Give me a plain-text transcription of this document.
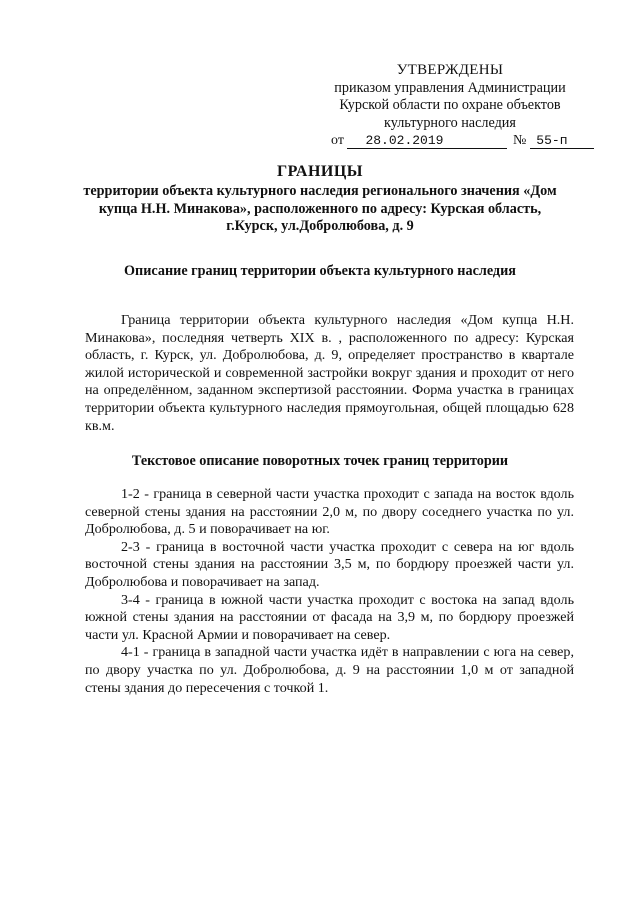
УТВЕРЖДЕНЫ
приказом управления Администрации
Курской области по охране объектов
культурного наследия
от 28.02.2019	№ 55-п
ГРАНИЦЫ
территории объекта культурного наследия регионального значения «Дом купца Н.Н. Минакова», расположенного по адресу: Курская область, г.Курск, ул.Добролюбова, д. 9
Описание границ территории объекта культурного наследия

Граница территории объекта культурного наследия «Дом купца Н.Н. Минакова», последняя четверть XIX в. , расположенного по адресу: Курская область, г. Курск, ул. Добролюбова, д. 9, определяет пространство в квартале жилой исторической и современной застройки вокруг здания и проходит от него на определённом, заданном экспертизой расстоянии. Форма участка в границах территории объекта культурного наследия прямоугольная, общей площадью 628 кв.м.

Текстовое описание поворотных точек границ территории

1-2 - граница в северной части участка проходит с запада на восток вдоль северной стены здания на расстоянии 2,0 м, по двору соседнего участка по ул. Добролюбова, д. 5 и поворачивает на юг.

2-3 - граница в восточной части участка проходит с севера на юг вдоль восточной стены здания на расстоянии 3,5 м, по бордюру проезжей части ул. Добролюбова и поворачивает на запад.

3-4 - граница в южной части участка проходит с востока на запад вдоль южной стены здания на расстоянии от фасада на 3,9 м, по бордюру проезжей части ул. Красной Армии и поворачивает на север.

4-1 - граница в западной части участка идёт в направлении с юга на север, по двору участка по ул. Добролюбова, д. 9 на расстоянии 1,0 м от западной стены здания до пересечения с точкой 1.
